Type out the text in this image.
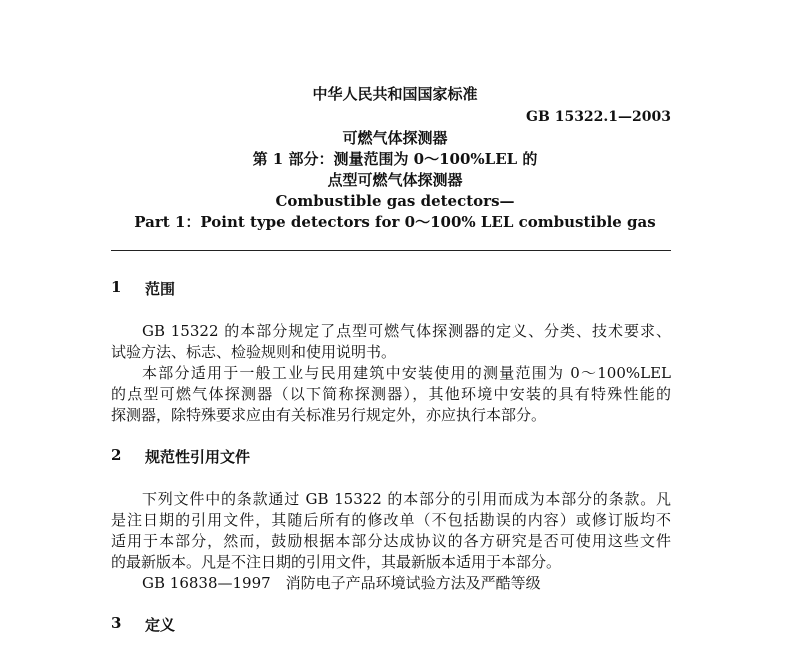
中华人民共和国国家标准
GB 15322.1—2003
可燃气体探测器
第 1 部分：测量范围为 0～100%LEL 的
点型可燃气体探测器
Combustible gas detectors—
Part 1：Point type detectors for 0～100% LEL combustible gas
1 范围
GB 15322 的本部分规定了点型可燃气体探测器的定义、分类、技术要求、
试验方法、标志、检验规则和使用说明书。
本部分适用于一般工业与民用建筑中安装使用的测量范围为 0～100%LEL
的点型可燃气体探测器（以下简称探测器），其他环境中安装的具有特殊性能的
探测器，除特殊要求应由有关标准另行规定外，亦应执行本部分。
2 规范性引用文件
下列文件中的条款通过 GB 15322 的本部分的引用而成为本部分的条款。凡
是注日期的引用文件，其随后所有的修改单（不包括勘误的内容）或修订版均不
适用于本部分，然而，鼓励根据本部分达成协议的各方研究是否可使用这些文件
的最新版本。凡是不注日期的引用文件，其最新版本适用于本部分。
GB 16838—1997　消防电子产品环境试验方法及严酷等级
3 定义
